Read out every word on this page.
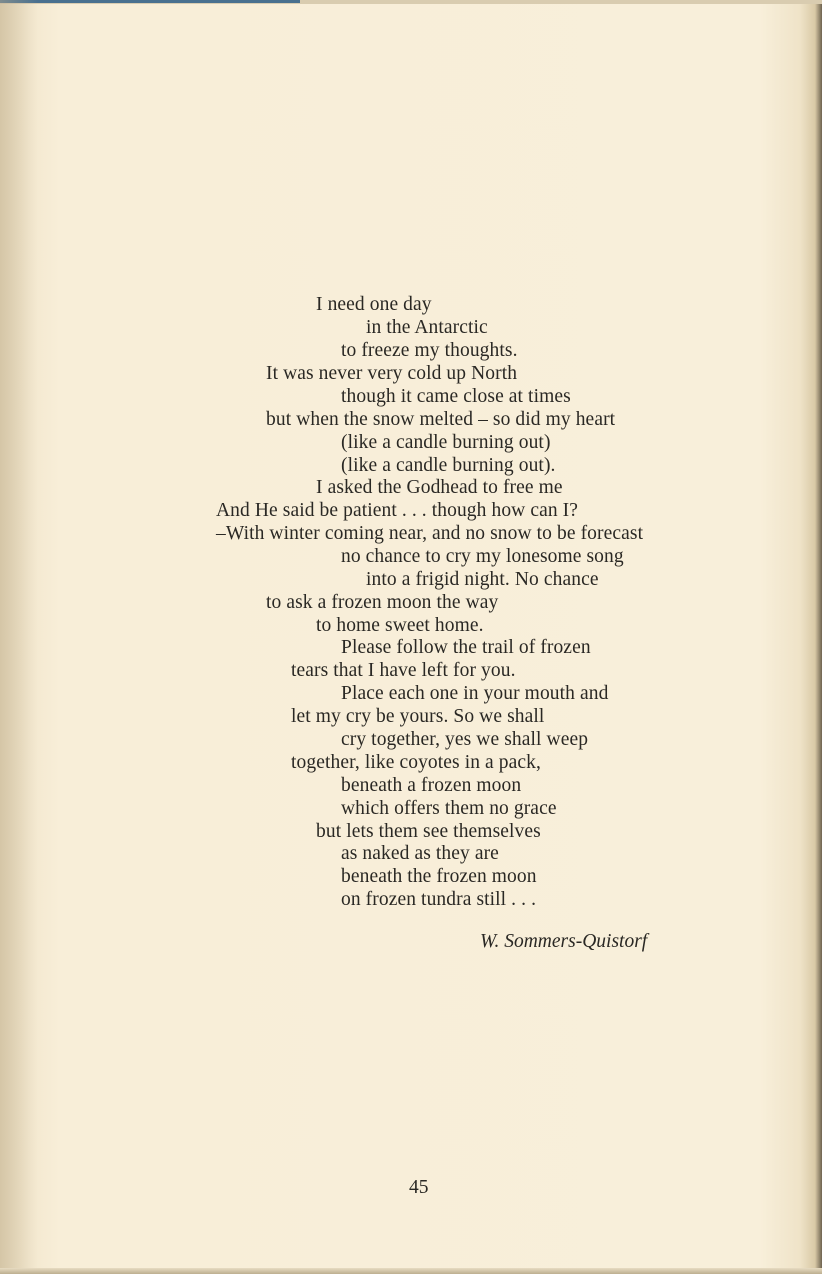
I need one day
in the Antarctic
to freeze my thoughts.
It was never very cold up North
though it came close at times
but when the snow melted – so did my heart
(like a candle burning out)
(like a candle burning out).
I asked the Godhead to free me
And He said be patient . . . though how can I?
–With winter coming near, and no snow to be forecast
no chance to cry my lonesome song
into a frigid night. No chance
to ask a frozen moon the way
to home sweet home.
Please follow the trail of frozen
tears that I have left for you.
Place each one in your mouth and
let my cry be yours. So we shall
cry together, yes we shall weep
together, like coyotes in a pack,
beneath a frozen moon
which offers them no grace
but lets them see themselves
as naked as they are
beneath the frozen moon
on frozen tundra still . . .
W. Sommers-Quistorf
45
